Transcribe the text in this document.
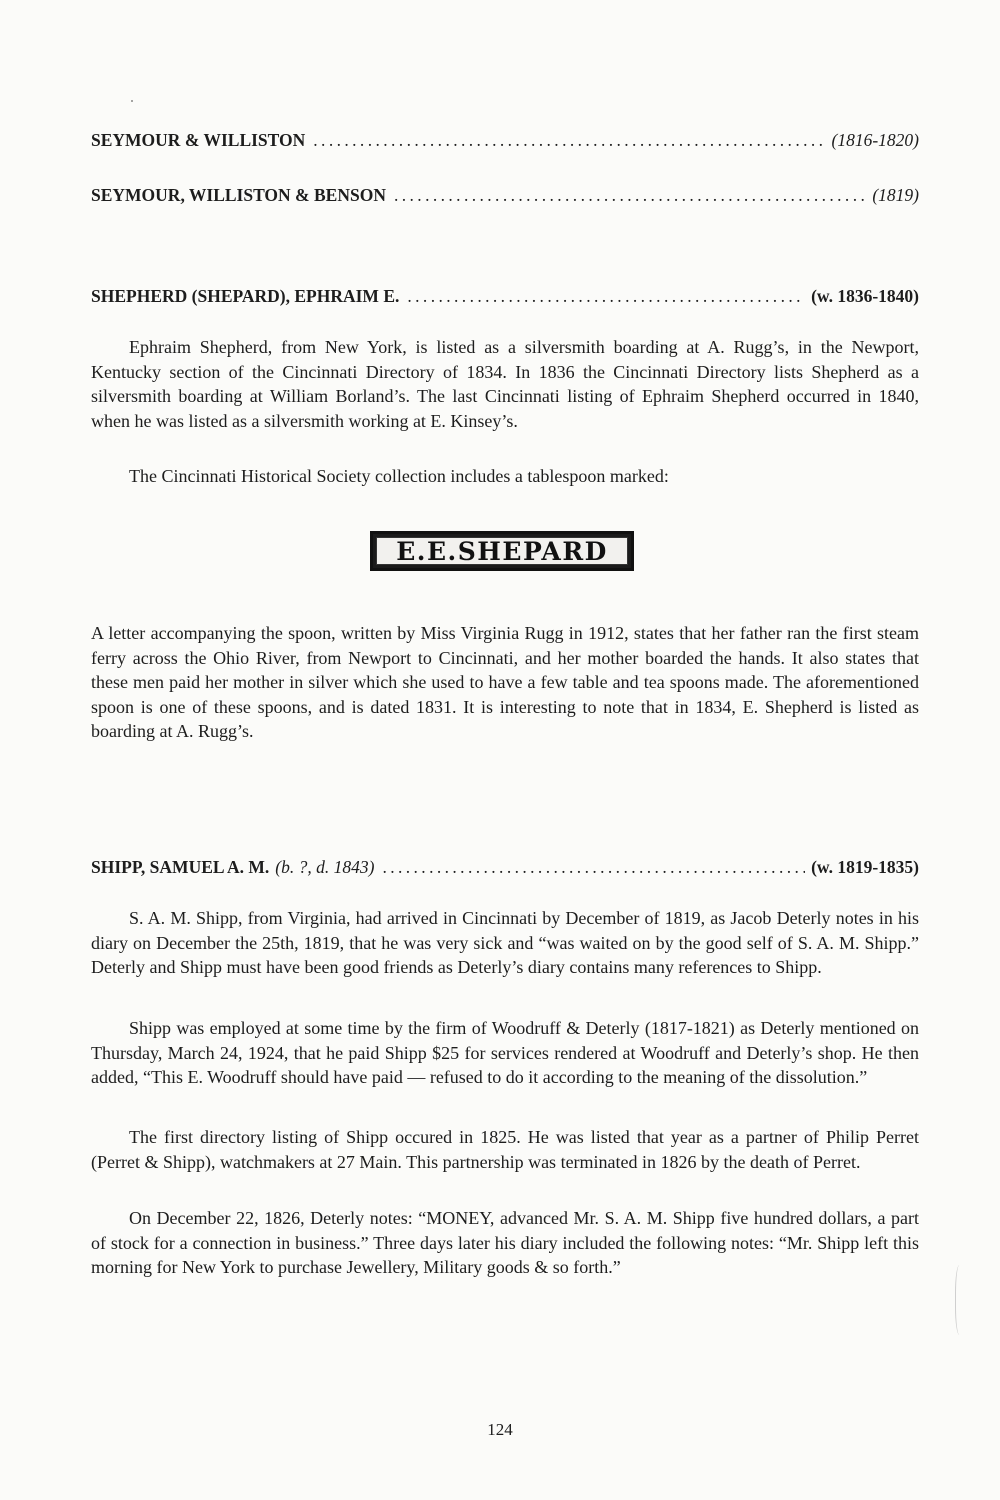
SEYMOUR & WILLISTON .....	(1816-1820)
SEYMOUR, WILLISTON & BENSON .....	(1819)
SHEPHERD (SHEPARD), EPHRAIM E. .....	(w. 1836-1840)

Ephraim Shepherd, from New York, is listed as a silversmith boarding at A. Rugg’s, in the Newport, Kentucky section of the Cincinnati Directory of 1834. In 1836 the Cincinnati Directory lists Shepherd as a silversmith boarding at William Borland’s. The last Cincinnati listing of Ephraim Shepherd occurred in 1840, when he was listed as a silversmith working at E. Kinsey’s.

The Cincinnati Historical Society collection includes a tablespoon marked:

E.E.SHEPARD

A letter accompanying the spoon, written by Miss Virginia Rugg in 1912, states that her father ran the first steam ferry across the Ohio River, from Newport to Cincinnati, and her mother boarded the hands. It also states that these men paid her mother in silver which she used to have a few table and tea spoons made. The aforementioned spoon is one of these spoons, and is dated 1831. It is interesting to note that in 1834, E. Shepherd is listed as boarding at A. Rugg’s.

SHIPP, SAMUEL A. M. (b. ?, d. 1843) .....	(w. 1819-1835)

S. A. M. Shipp, from Virginia, had arrived in Cincinnati by December of 1819, as Jacob Deterly notes in his diary on December the 25th, 1819, that he was very sick and “was waited on by the good self of S. A. M. Shipp.” Deterly and Shipp must have been good friends as Deterly’s diary contains many references to Shipp.

Shipp was employed at some time by the firm of Woodruff & Deterly (1817-1821) as Deterly mentioned on Thursday, March 24, 1924, that he paid Shipp $25 for services rendered at Woodruff and Deterly’s shop. He then added, “This E. Woodruff should have paid — refused to do it according to the meaning of the dissolution.”

The first directory listing of Shipp occured in 1825. He was listed that year as a partner of Philip Perret (Perret & Shipp), watchmakers at 27 Main. This partnership was terminated in 1826 by the death of Perret.

On December 22, 1826, Deterly notes: “MONEY, advanced Mr. S. A. M. Shipp five hundred dollars, a part of stock for a connection in business.” Three days later his diary included the following notes: “Mr. Shipp left this morning for New York to purchase Jewellery, Military goods & so forth.”

124
